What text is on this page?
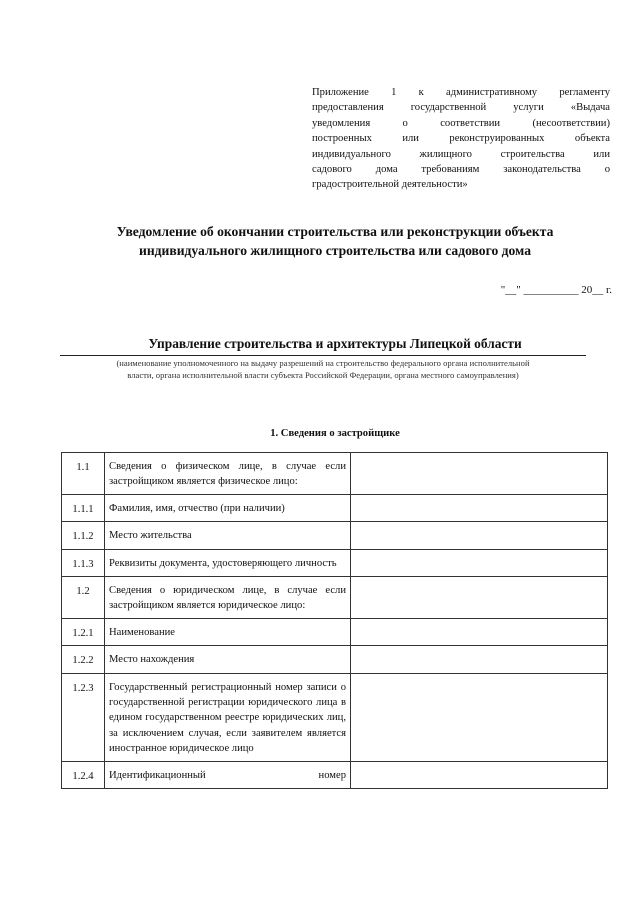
Приложение 1 к административному регламенту
предоставления государственной услуги «Выдача
уведомления о соответствии (несоответствии)
построенных или реконструированных объекта
индивидуального жилищного строительства или
садового дома требованиям законодательства о
градостроительной деятельности»
Уведомление об окончании строительства или реконструкции объекта
индивидуального жилищного строительства или садового дома
"__" __________ 20__ г.
Управление строительства и архитектуры Липецкой области
(наименование уполномоченного на выдачу разрешений на строительство федерального органа исполнительной
власти, органа исполнительной власти субъекта Российской Федерации, органа местного самоуправления)
1. Сведения о застройщике
1.1	Сведения о физическом лице, в случае если застройщиком является физическое лицо:	
1.1.1	Фамилия, имя, отчество (при наличии)	
1.1.2	Место жительства	
1.1.3	Реквизиты документа, удостоверяющего личность	
1.2	Сведения о юридическом лице, в случае если застройщиком является юридическое лицо:	
1.2.1	Наименование	
1.2.2	Место нахождения	
1.2.3	Государственный регистрационный номер записи о государственной регистрации юридического лица в едином государственном реестре юридических лиц, за исключением случая, если заявителем является иностранное юридическое лицо	
1.2.4	Идентификационный номер	
